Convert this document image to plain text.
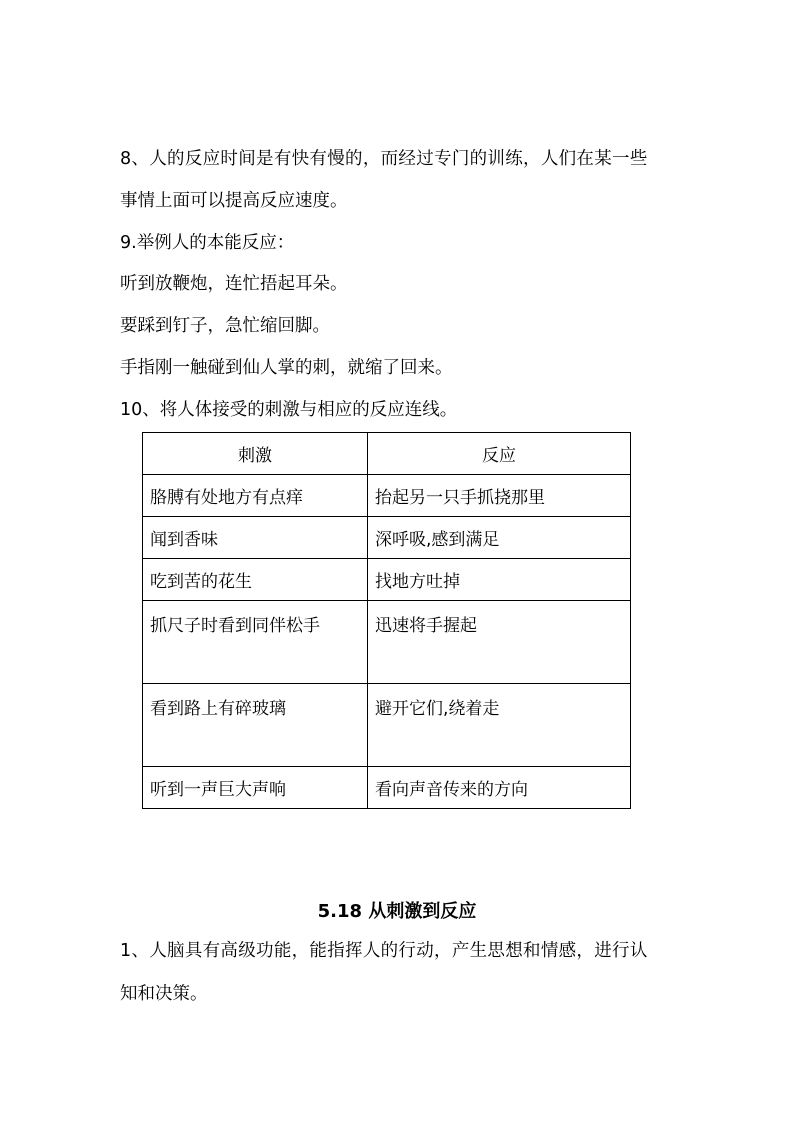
8、人的反应时间是有快有慢的，而经过专门的训练，人们在某一些
事情上面可以提高反应速度。
9.举例人的本能反应：
听到放鞭炮，连忙捂起耳朵。
要踩到钉子，急忙缩回脚。
手指刚一触碰到仙人掌的刺，就缩了回来。
10、将人体接受的刺激与相应的反应连线。
刺激	反应
胳膊有处地方有点痒	抬起另一只手抓挠那里
闻到香味	深呼吸,感到满足
吃到苦的花生	找地方吐掉
抓尺子时看到同伴松手	迅速将手握起
看到路上有碎玻璃	避开它们,绕着走
听到一声巨大声响	看向声音传来的方向
5.18 从刺激到反应
1、人脑具有高级功能，能指挥人的行动，产生思想和情感，进行认
知和决策。
